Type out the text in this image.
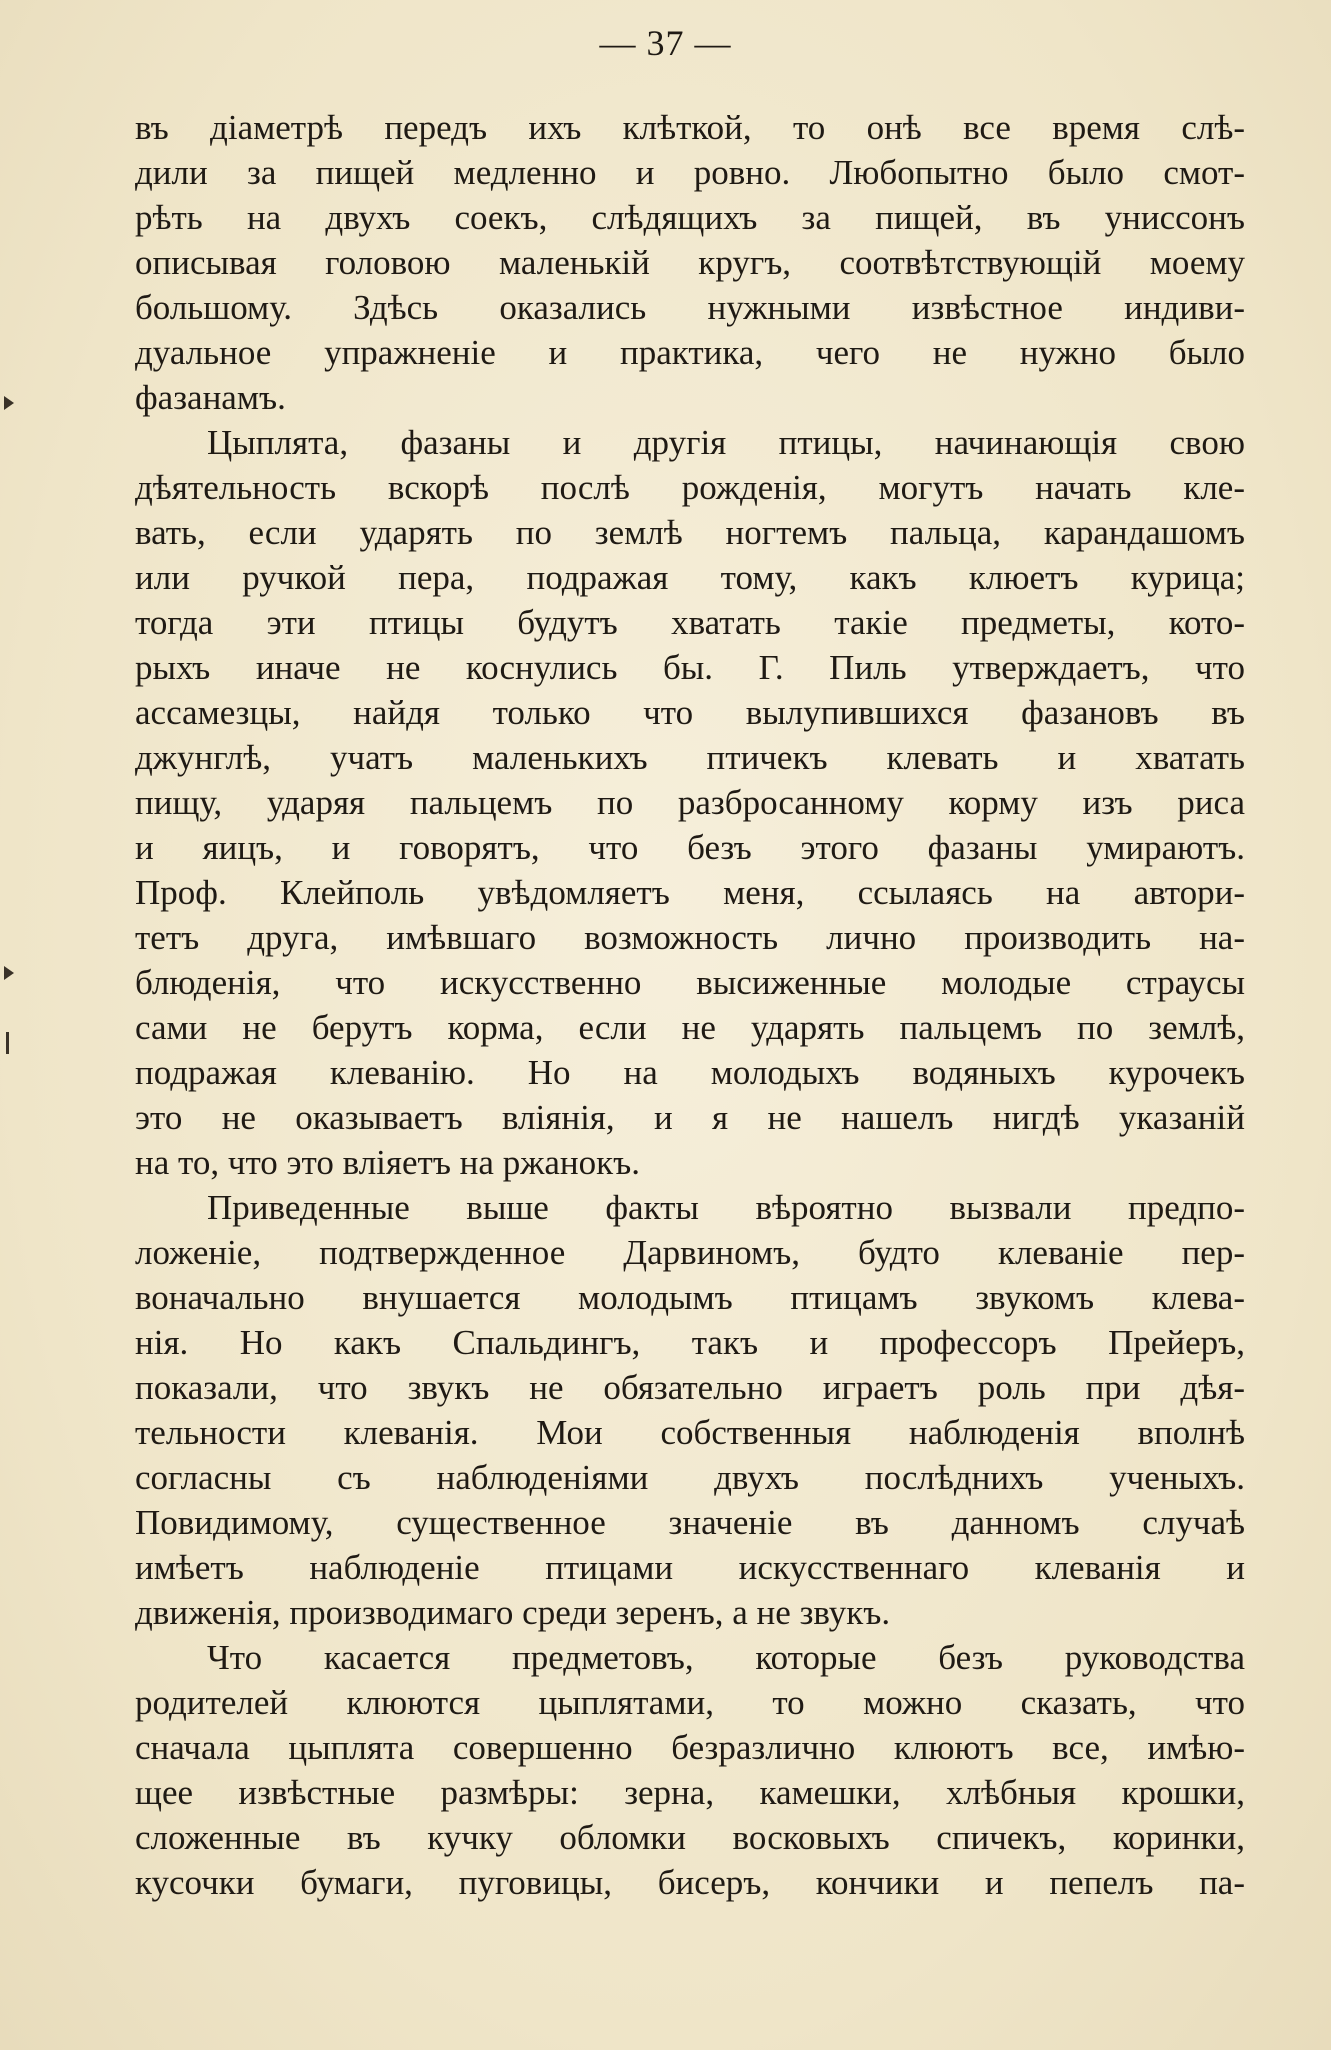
— 37 —
въ діаметрѣ передъ ихъ клѣткой, то онѣ все время слѣ-
дили за пищей медленно и ровно. Любопытно было смот-
рѣть на двухъ соекъ, слѣдящихъ за пищей, въ униссонъ
описывая головою маленькій кругъ, соотвѣтствующій моему
большому. Здѣсь оказались нужными извѣстное индиви-
дуальное упражненіе и практика, чего не нужно было
фазанамъ.
Цыплята, фазаны и другія птицы, начинающія свою
дѣятельность вскорѣ послѣ рожденія, могутъ начать кле-
вать, если ударять по землѣ ногтемъ пальца, карандашомъ
или ручкой пера, подражая тому, какъ клюетъ курица;
тогда эти птицы будутъ хватать такіе предметы, кото-
рыхъ иначе не коснулись бы. Г. Пиль утверждаетъ, что
ассамезцы, найдя только что вылупившихся фазановъ въ
джунглѣ, учатъ маленькихъ птичекъ клевать и хватать
пищу, ударяя пальцемъ по разбросанному корму изъ риса
и яицъ, и говорятъ, что безъ этого фазаны умираютъ.
Проф. Клейполь увѣдомляетъ меня, ссылаясь на автори-
тетъ друга, имѣвшаго возможность лично производить на-
блюденія, что искусственно высиженные молодые страусы
сами не берутъ корма, если не ударять пальцемъ по землѣ,
подражая клеванію. Но на молодыхъ водяныхъ курочекъ
это не оказываетъ вліянія, и я не нашелъ нигдѣ указаній
на то, что это вліяетъ на ржанокъ.
Приведенные выше факты вѣроятно вызвали предпо-
ложеніе, подтвержденное Дарвиномъ, будто клеваніе пер-
воначально внушается молодымъ птицамъ звукомъ клева-
нія. Но какъ Спальдингъ, такъ и профессоръ Прейеръ,
показали, что звукъ не обязательно играетъ роль при дѣя-
тельности клеванія. Мои собственныя наблюденія вполнѣ
согласны съ наблюденіями двухъ послѣднихъ ученыхъ.
Повидимому, существенное значеніе въ данномъ случаѣ
имѣетъ наблюденіе птицами искусственнаго клеванія и
движенія, производимаго среди зеренъ, а не звукъ.
Что касается предметовъ, которые безъ руководства
родителей клюются цыплятами, то можно сказать, что
сначала цыплята совершенно безразлично клюютъ все, имѣю-
щее извѣстные размѣры: зерна, камешки, хлѣбныя крошки,
сложенные въ кучку обломки восковыхъ спичекъ, коринки,
кусочки бумаги, пуговицы, бисеръ, кончики и пепелъ па-
